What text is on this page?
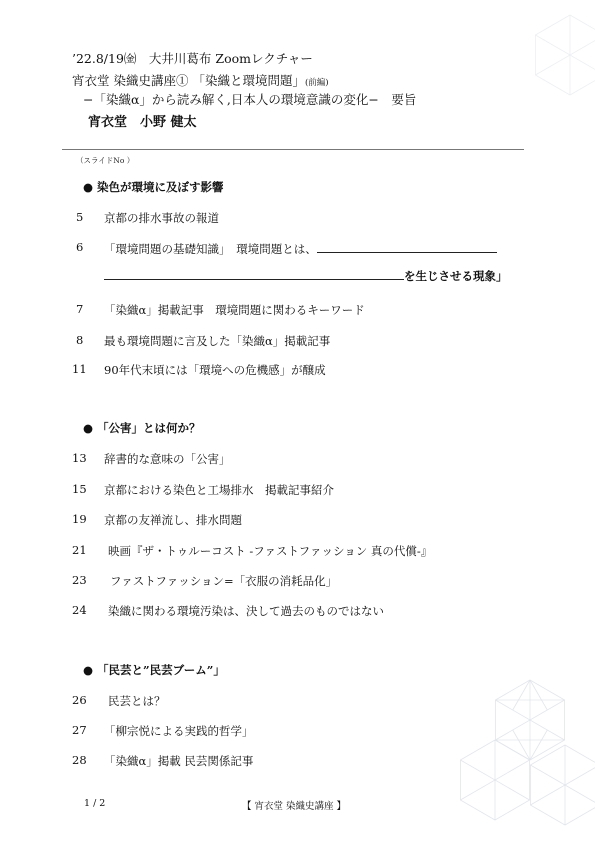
’22.8/19㈮　大井川葛布 Zoomレクチャー
宵衣堂 染織史講座① 「染織と環境問題」(前編)
−「染織α」から読み解く,日本人の環境意識の変化−　要旨
宵衣堂　小野 健太
（スライドNo ）
● 染色が環境に及ぼす影響
5 京都の排水事故の報道
6 「環境問題の基礎知識」　環境問題とは、
を生じさせる現象」
7 「染織α」掲載記事　環境問題に関わるキーワード
8 最も環境問題に言及した「染織α」掲載記事
11 90年代末頃には「環境への危機感」が醸成
● 「公害」とは何か？
13 辞書的な意味の「公害」
15 京都における染色と工場排水　掲載記事紹介
19 京都の友禅流し、排水問題
21 映画『ザ・トゥルーコスト -ファストファッション 真の代償-』
23 ファストファッション=「衣服の消耗品化」
24 染織に関わる環境汚染は、決して過去のものではない
● 「民芸と”民芸ブーム”」
26 民芸とは？
27 「柳宗悦による実践的哲学」
28 「染織α」掲載 民芸関係記事
1 / 2	【 宵衣堂 染織史講座 】
